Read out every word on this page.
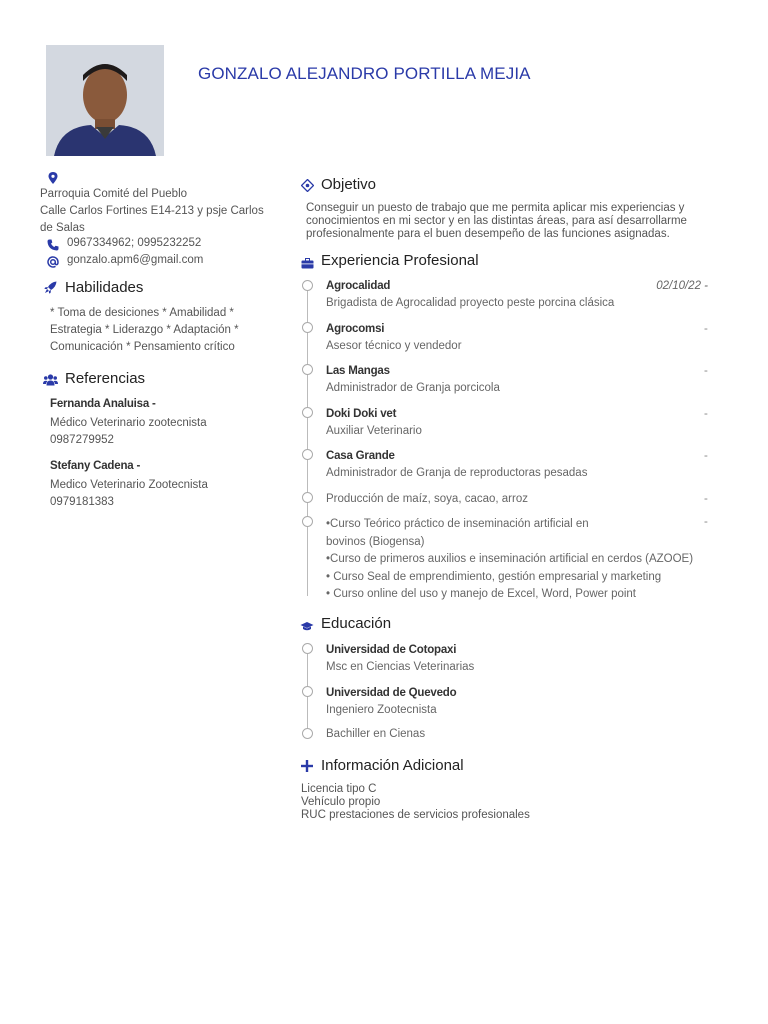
GONZALO ALEJANDRO PORTILLA MEJIA
Parroquia Comité del Pueblo
Calle Carlos Fortines E14-213 y psje Carlos
de Salas
0967334962; 0995232252
gonzalo.apm6@gmail.com
Habilidades
* Toma de desiciones * Amabilidad *
Estrategia * Liderazgo * Adaptación *
Comunicación * Pensamiento crítico
Referencias
Fernanda Analuisa -
Médico Veterinario zootecnista
0987279952
Stefany Cadena -
Medico Veterinario Zootecnista
0979181383
Objetivo
Conseguir un puesto de trabajo que me permita aplicar mis experiencias y
conocimientos en mi sector y en las distintas áreas, para así desarrollarme
profesionalmente para el buen desempeño de las funciones asignadas.
Experiencia Profesional
Agrocalidad	02/10/22 -
Brigadista de Agrocalidad proyecto peste porcina clásica
Agrocomsi	-
Asesor técnico y vendedor
Las Mangas	-
Administrador de Granja porcicola
Doki Doki vet	-
Auxiliar Veterinario
Casa Grande	-
Administrador de Granja de reproductoras pesadas
Producción de maíz, soya, cacao, arroz	-
-
•Curso Teórico práctico de inseminación artificial en
bovinos (Biogensa)
•Curso de primeros auxilios e inseminación artificial en cerdos (AZOOE)
• Curso Seal de emprendimiento, gestión empresarial y marketing
• Curso online del uso y manejo de Excel, Word, Power point
Educación
Universidad de Cotopaxi
Msc en Ciencias Veterinarias
Universidad de Quevedo
Ingeniero Zootecnista
Bachiller en Cienas
Información Adicional
Licencia tipo C
Vehículo propio
RUC prestaciones de servicios profesionales
